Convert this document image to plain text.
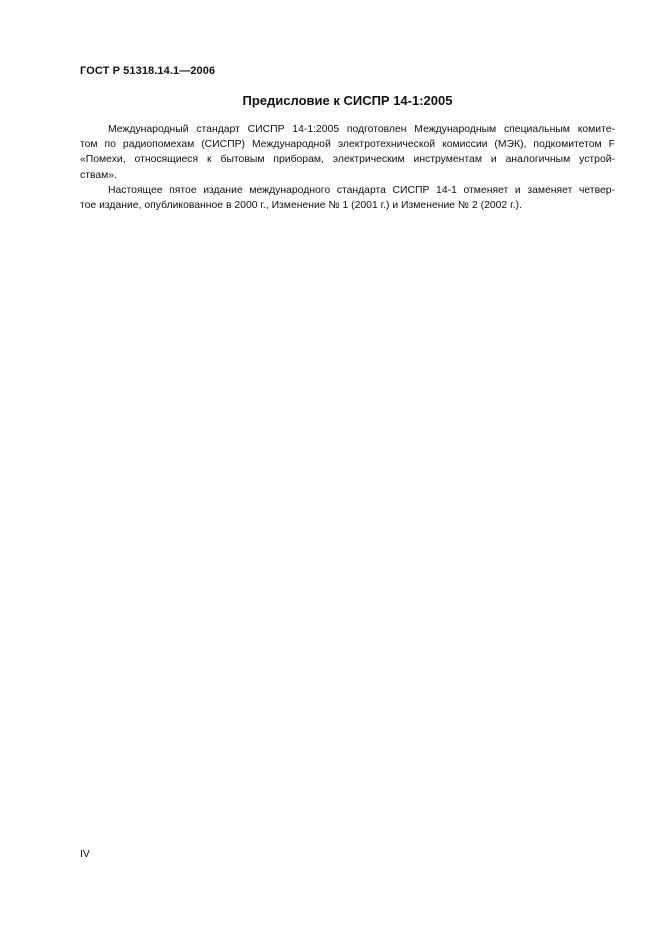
ГОСТ Р 51318.14.1—2006
Предисловие к СИСПР 14-1:2005
Международный стандарт СИСПР 14-1:2005 подготовлен Международным специальным комите-
том по радиопомехам (СИСПР) Международной электротехнической комиссии (МЭК), подкомитетом F
«Помехи, относящиеся к бытовым приборам, электрическим инструментам и аналогичным устрой-
ствам».
Настоящее пятое издание международного стандарта СИСПР 14-1 отменяет и заменяет четвер-
тое издание, опубликованное в 2000 г., Изменение № 1 (2001 г.) и Изменение № 2 (2002 г.).
IV
